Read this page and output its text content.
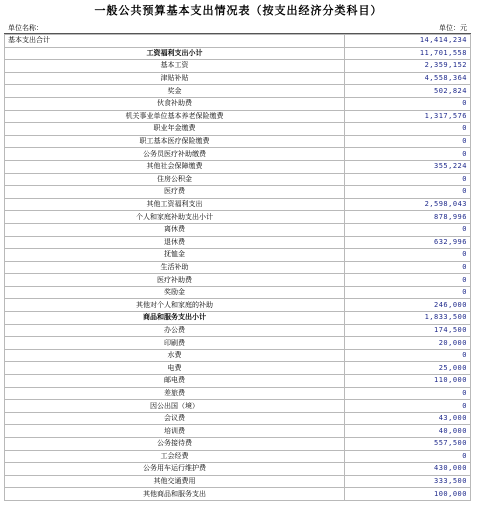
一般公共预算基本支出情况表（按支出经济分类科目）
单位名称：	单位：元
基本支出合计	14,414,234
工资福利支出小计	11,701,558
基本工资	2,359,152
津贴补贴	4,558,364
奖金	502,824
伙食补助费	0
机关事业单位基本养老保险缴费	1,317,576
职业年金缴费	0
职工基本医疗保险缴费	0
公务员医疗补助缴费	0
其他社会保障缴费	355,224
住房公积金	0
医疗费	0
其他工资福利支出	2,598,043
个人和家庭补助支出小计	878,996
离休费	0
退休费	632,996
抚恤金	0
生活补助	0
医疗补助费	0
奖励金	0
其他对个人和家庭的补助	246,000
商品和服务支出小计	1,833,500
办公费	174,500
印刷费	20,000
水费	0
电费	25,000
邮电费	110,000
差旅费	0
因公出国（境）	0
会议费	43,000
培训费	40,000
公务接待费	557,500
工会经费	0
公务用车运行维护费	430,000
其他交通费用	333,500
其他商品和服务支出	100,000
